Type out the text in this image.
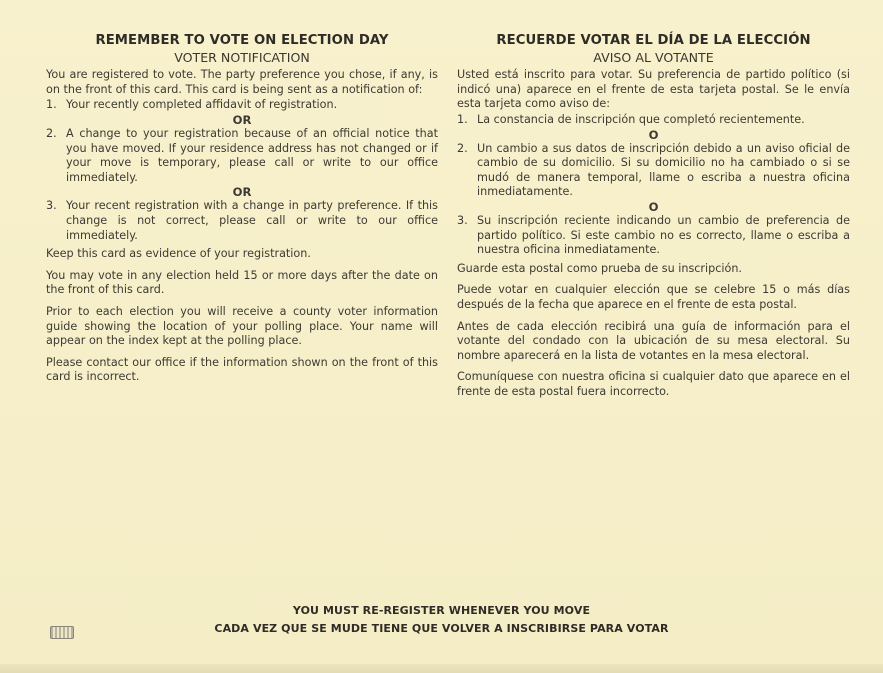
REMEMBER TO VOTE ON ELECTION DAY
VOTER NOTIFICATION

You are registered to vote. The party preference you chose, if any, is on the front of this card. This card is being sent as a notification of:

1. Your recently completed affidavit of registration.
OR
2. A change to your registration because of an official notice that you have moved. If your residence address has not changed or if your move is temporary, please call or write to our office immediately.
OR
3. Your recent registration with a change in party preference. If this change is not correct, please call or write to our office immediately.

Keep this card as evidence of your registration.

You may vote in any election held 15 or more days after the date on the front of this card.

Prior to each election you will receive a county voter information guide showing the location of your polling place. Your name will appear on the index kept at the polling place.

Please contact our office if the information shown on the front of this card is incorrect.

RECUERDE VOTAR EL DÍA DE LA ELECCIÓN
AVISO AL VOTANTE

Usted está inscrito para votar. Su preferencia de partido político (si indicó una) aparece en el frente de esta tarjeta postal. Se le envía esta tarjeta como aviso de:

1. La constancia de inscripción que completó recientemente.
O
2. Un cambio a sus datos de inscripción debido a un aviso oficial de cambio de su domicilio. Si su domicilio no ha cambiado o si se mudó de manera temporal, llame o escriba a nuestra oficina inmediatamente.
O
3. Su inscripción reciente indicando un cambio de preferencia de partido político. Si este cambio no es correcto, llame o escriba a nuestra oficina inmediatamente.

Guarde esta postal como prueba de su inscripción.

Puede votar en cualquier elección que se celebre 15 o más días después de la fecha que aparece en el frente de esta postal.

Antes de cada elección recibirá una guía de información para el votante del condado con la ubicación de su mesa electoral. Su nombre aparecerá en la lista de votantes en la mesa electoral.

Comuníquese con nuestra oficina si cualquier dato que aparece en el frente de esta postal fuera incorrecto.

YOU MUST RE-REGISTER WHENEVER YOU MOVE
CADA VEZ QUE SE MUDE TIENE QUE VOLVER A INSCRIBIRSE PARA VOTAR
